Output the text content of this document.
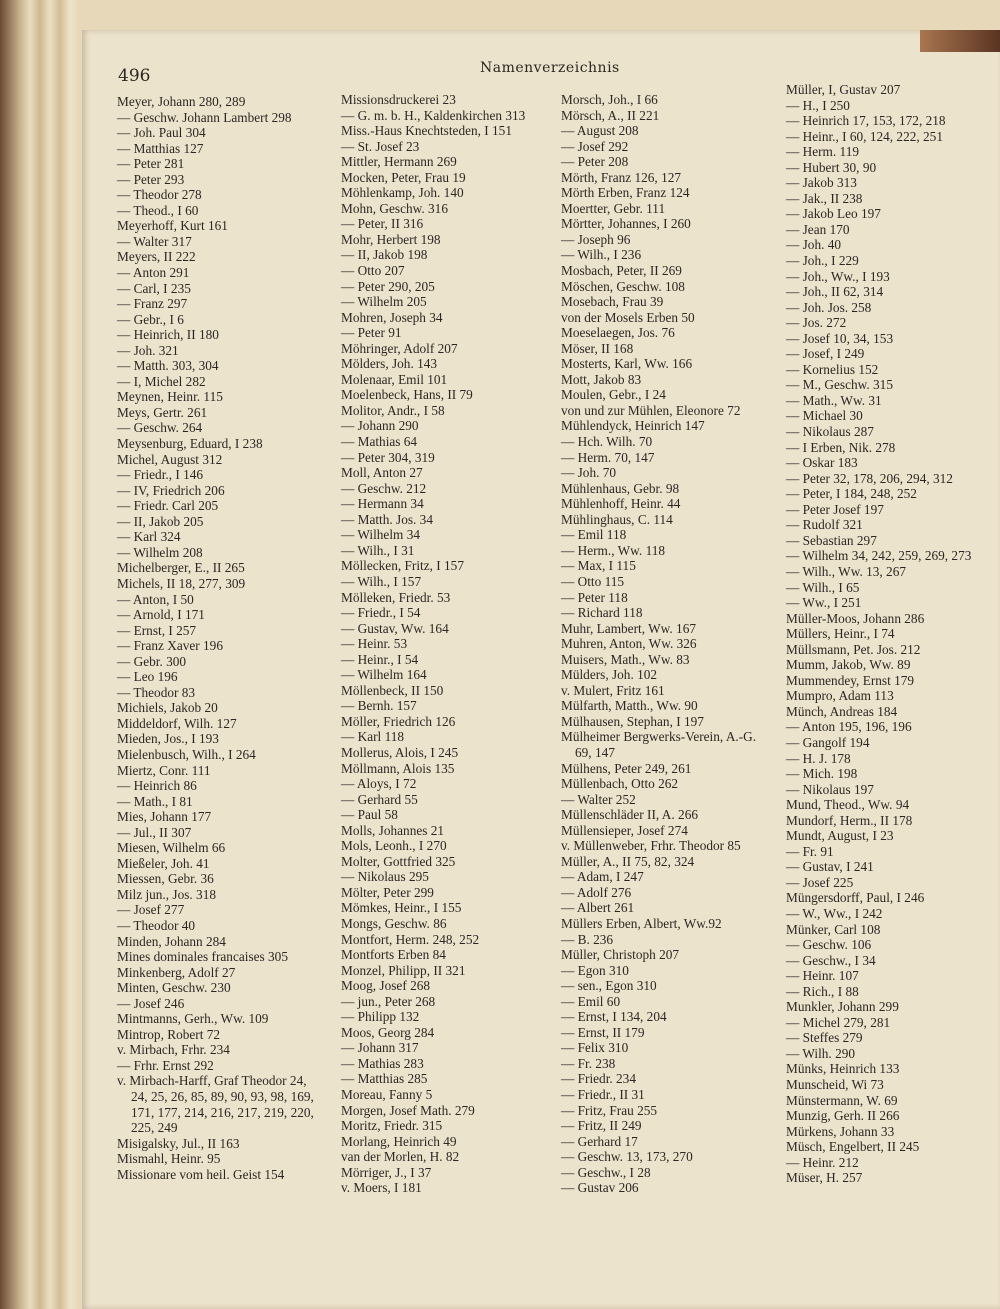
496	Namenverzeichnis
Meyer, Johann 280, 289
— Geschw. Johann Lambert 298
— Joh. Paul 304
— Matthias 127
— Peter 281
— Peter 293
— Theodor 278
— Theod., I 60
Meyerhoff, Kurt 161
— Walter 317
Meyers, II 222
— Anton 291
— Carl, I 235
— Franz 297
— Gebr., I 6
— Heinrich, II 180
— Joh. 321
— Matth. 303, 304
— I, Michel 282
Meynen, Heinr. 115
Meys, Gertr. 261
— Geschw. 264
Meysenburg, Eduard, I 238
Michel, August 312
— Friedr., I 146
— IV, Friedrich 206
— Friedr. Carl 205
— II, Jakob 205
— Karl 324
— Wilhelm 208
Michelberger, E., II 265
Michels, II 18, 277, 309
— Anton, I 50
— Arnold, I 171
— Ernst, I 257
— Franz Xaver 196
— Gebr. 300
— Leo 196
— Theodor 83
Michiels, Jakob 20
Middeldorf, Wilh. 127
Mieden, Jos., I 193
Mielenbusch, Wilh., I 264
Miertz, Conr. 111
— Heinrich 86
— Math., I 81
Mies, Johann 177
— Jul., II 307
Miesen, Wilhelm 66
Mießeler, Joh. 41
Miessen, Gebr. 36
Milz jun., Jos. 318
— Josef 277
— Theodor 40
Minden, Johann 284
Mines dominales francaises 305
Minkenberg, Adolf 27
Minten, Geschw. 230
— Josef 246
Mintmanns, Gerh., Ww. 109
Mintrop, Robert 72
v. Mirbach, Frhr. 234
— Frhr. Ernst 292
v. Mirbach-Harff, Graf Theodor 24, 24, 25, 26, 85, 89, 90, 93, 98, 169, 171, 177, 214, 216, 217, 219, 220, 225, 249
Misigalsky, Jul., II 163
Mismahl, Heinr. 95
Missionare vom heil. Geist 154
Missionsdruckerei 23
— G. m. b. H., Kaldenkirchen 313
Miss.-Haus Knechtsteden, I 151
— St. Josef 23
Mittler, Hermann 269
Mocken, Peter, Frau 19
Möhlenkamp, Joh. 140
Mohn, Geschw. 316
— Peter, II 316
Mohr, Herbert 198
— II, Jakob 198
— Otto 207
— Peter 290, 205
— Wilhelm 205
Mohren, Joseph 34
— Peter 91
Möhringer, Adolf 207
Mölders, Joh. 143
Molenaar, Emil 101
Moelenbeck, Hans, II 79
Molitor, Andr., I 58
— Johann 290
— Mathias 64
— Peter 304, 319
Moll, Anton 27
— Geschw. 212
— Hermann 34
— Matth. Jos. 34
— Wilhelm 34
— Wilh., I 31
Möllecken, Fritz, I 157
— Wilh., I 157
Mölleken, Friedr. 53
— Friedr., I 54
— Gustav, Ww. 164
— Heinr. 53
— Heinr., I 54
— Wilhelm 164
Möllenbeck, II 150
— Bernh. 157
Möller, Friedrich 126
— Karl 118
Mollerus, Alois, I 245
Möllmann, Alois 135
— Aloys, I 72
— Gerhard 55
— Paul 58
Molls, Johannes 21
Mols, Leonh., I 270
Molter, Gottfried 325
— Nikolaus 295
Mölter, Peter 299
Mömkes, Heinr., I 155
Mongs, Geschw. 86
Montfort, Herm. 248, 252
Montforts Erben 84
Monzel, Philipp, II 321
Moog, Josef 268
— jun., Peter 268
— Philipp 132
Moos, Georg 284
— Johann 317
— Mathias 283
— Matthias 285
Moreau, Fanny 5
Morgen, Josef Math. 279
Moritz, Friedr. 315
Morlang, Heinrich 49
van der Morlen, H. 82
Mörriger, J., I 37
v. Moers, I 181
Morsch, Joh., I 66
Mörsch, A., II 221
— August 208
— Josef 292
— Peter 208
Mörth, Franz 126, 127
Mörth Erben, Franz 124
Moertter, Gebr. 111
Mörtter, Johannes, I 260
— Joseph 96
— Wilh., I 236
Mosbach, Peter, II 269
Möschen, Geschw. 108
Mosebach, Frau 39
von der Mosels Erben 50
Moeselaegen, Jos. 76
Möser, II 168
Mosterts, Karl, Ww. 166
Mott, Jakob 83
Moulen, Gebr., I 24
von und zur Mühlen, Eleonore 72
Mühlendyck, Heinrich 147
— Hch. Wilh. 70
— Herm. 70, 147
— Joh. 70
Mühlenhaus, Gebr. 98
Mühlenhoff, Heinr. 44
Mühlinghaus, C. 114
— Emil 118
— Herm., Ww. 118
— Max, I 115
— Otto 115
— Peter 118
— Richard 118
Muhr, Lambert, Ww. 167
Muhren, Anton, Ww. 326
Muisers, Math., Ww. 83
Mülders, Joh. 102
v. Mulert, Fritz 161
Mülfarth, Matth., Ww. 90
Mülhausen, Stephan, I 197
Mülheimer Bergwerks-Verein, A.-G. 69, 147
Mülhens, Peter 249, 261
Müllenbach, Otto 262
— Walter 252
Müllenschläder II, A. 266
Müllensieper, Josef 274
v. Müllenweber, Frhr. Theodor 85
Müller, A., II 75, 82, 324
— Adam, I 247
— Adolf 276
— Albert 261
Müllers Erben, Albert, Ww.92
— B. 236
Müller, Christoph 207
— Egon 310
— sen., Egon 310
— Emil 60
— Ernst, I 134, 204
— Ernst, II 179
— Felix 310
— Fr. 238
— Friedr. 234
— Friedr., II 31
— Fritz, Frau 255
— Fritz, II 249
— Gerhard 17
— Geschw. 13, 173, 270
— Geschw., I 28
— Gustav 206
Müller, I, Gustav 207
— H., I 250
— Heinrich 17, 153, 172, 218
— Heinr., I 60, 124, 222, 251
— Herm. 119
— Hubert 30, 90
— Jakob 313
— Jak., II 238
— Jakob Leo 197
— Jean 170
— Joh. 40
— Joh., I 229
— Joh., Ww., I 193
— Joh., II 62, 314
— Joh. Jos. 258
— Jos. 272
— Josef 10, 34, 153
— Josef, I 249
— Kornelius 152
— M., Geschw. 315
— Math., Ww. 31
— Michael 30
— Nikolaus 287
— I Erben, Nik. 278
— Oskar 183
— Peter 32, 178, 206, 294, 312
— Peter, I 184, 248, 252
— Peter Josef 197
— Rudolf 321
— Sebastian 297
— Wilhelm 34, 242, 259, 269, 273
— Wilh., Ww. 13, 267
— Wilh., I 65
— Ww., I 251
Müller-Moos, Johann 286
Müllers, Heinr., I 74
Müllsmann, Pet. Jos. 212
Mumm, Jakob, Ww. 89
Mummendey, Ernst 179
Mumpro, Adam 113
Münch, Andreas 184
— Anton 195, 196, 196
— Gangolf 194
— H. J. 178
— Mich. 198
— Nikolaus 197
Mund, Theod., Ww. 94
Mundorf, Herm., II 178
Mundt, August, I 23
— Fr. 91
— Gustav, I 241
— Josef 225
Müngersdorff, Paul, I 246
— W., Ww., I 242
Münker, Carl 108
— Geschw. 106
— Geschw., I 34
— Heinr. 107
— Rich., I 88
Munkler, Johann 299
— Michel 279, 281
— Steffes 279
— Wilh. 290
Münks, Heinrich 133
Munscheid, Wi 73
Münstermann, W. 69
Munzig, Gerh. II 266
Mürkens, Johann 33
Müsch, Engelbert, II 245
— Heinr. 212
Müser, H. 257
